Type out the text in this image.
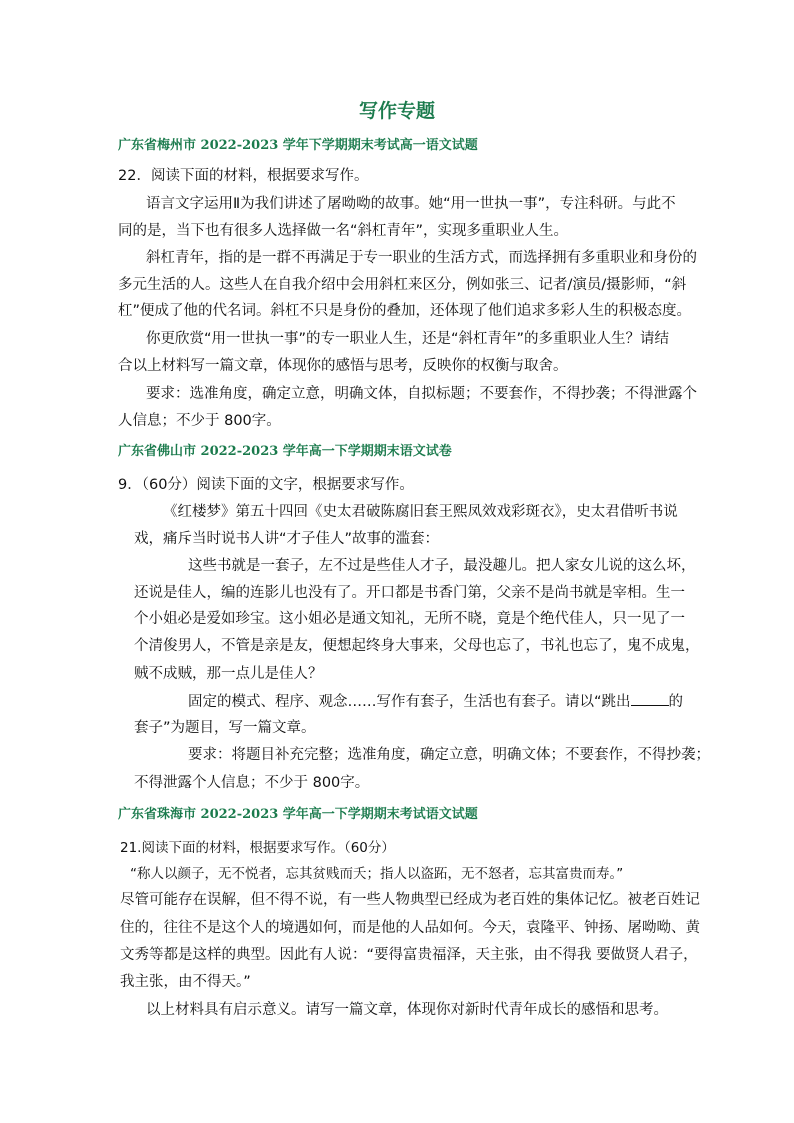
写作专题
广东省梅州市 2022-2023 学年下学期期末考试高一语文试题
22．阅读下面的材料，根据要求写作。
语言文字运用Ⅱ为我们讲述了屠呦呦的故事。她“用一世执一事”，专注科研。与此不
同的是，当下也有很多人选择做一名“斜杠青年”，实现多重职业人生。
斜杠青年，指的是一群不再满足于专一职业的生活方式，而选择拥有多重职业和身份的
多元生活的人。这些人在自我介绍中会用斜杠来区分，例如张三、记者/演员/摄影师，“斜
杠”便成了他的代名词。斜杠不只是身份的叠加，还体现了他们追求多彩人生的积极态度。
你更欣赏“用一世执一事”的专一职业人生，还是“斜杠青年”的多重职业人生？请结
合以上材料写一篇文章，体现你的感悟与思考，反映你的权衡与取舍。
要求：选准角度，确定立意，明确文体，自拟标题；不要套作，不得抄袭；不得泄露个
人信息；不少于 800字。
广东省佛山市 2022-2023 学年高一下学期期末语文试卷
9．（60分）阅读下面的文字，根据要求写作。
《红楼梦》第五十四回《史太君破陈腐旧套王熙凤效戏彩斑衣》，史太君借听书说
戏，痛斥当时说书人讲“才子佳人”故事的滥套：
这些书就是一套子，左不过是些佳人才子，最没趣儿。把人家女儿说的这么坏，
还说是佳人，编的连影儿也没有了。开口都是书香门第，父亲不是尚书就是宰相。生一
个小姐必是爱如珍宝。这小姐必是通文知礼，无所不晓，竟是个绝代佳人，只一见了一
个清俊男人，不管是亲是友，便想起终身大事来，父母也忘了，书礼也忘了，鬼不成鬼，
贼不成贼，那一点儿是佳人？
固定的模式、程序、观念……写作有套子，生活也有套子。请以“跳出	的
套子”为题目，写一篇文章。
要求：将题目补充完整；选准角度，确定立意，明确文体；不要套作，不得抄袭；
不得泄露个人信息；不少于 800字。
广东省珠海市 2022-2023 学年高一下学期期末考试语文试题
21.阅读下面的材料，根据要求写作。（60分）
“称人以颜子，无不悦者，忘其贫贱而夭；指人以盗跖，无不怒者，忘其富贵而寿。”
尽管可能存在误解，但不得不说，有一些人物典型已经成为老百姓的集体记忆。被老百姓记
住的，往往不是这个人的境遇如何，而是他的人品如何。今天，袁隆平、钟扬、屠呦呦、黄
文秀等都是这样的典型。因此有人说：“要得富贵福泽，天主张，由不得我 要做贤人君子，
我主张，由不得天。”
以上材料具有启示意义。请写一篇文章，体现你对新时代青年成长的感悟和思考。
